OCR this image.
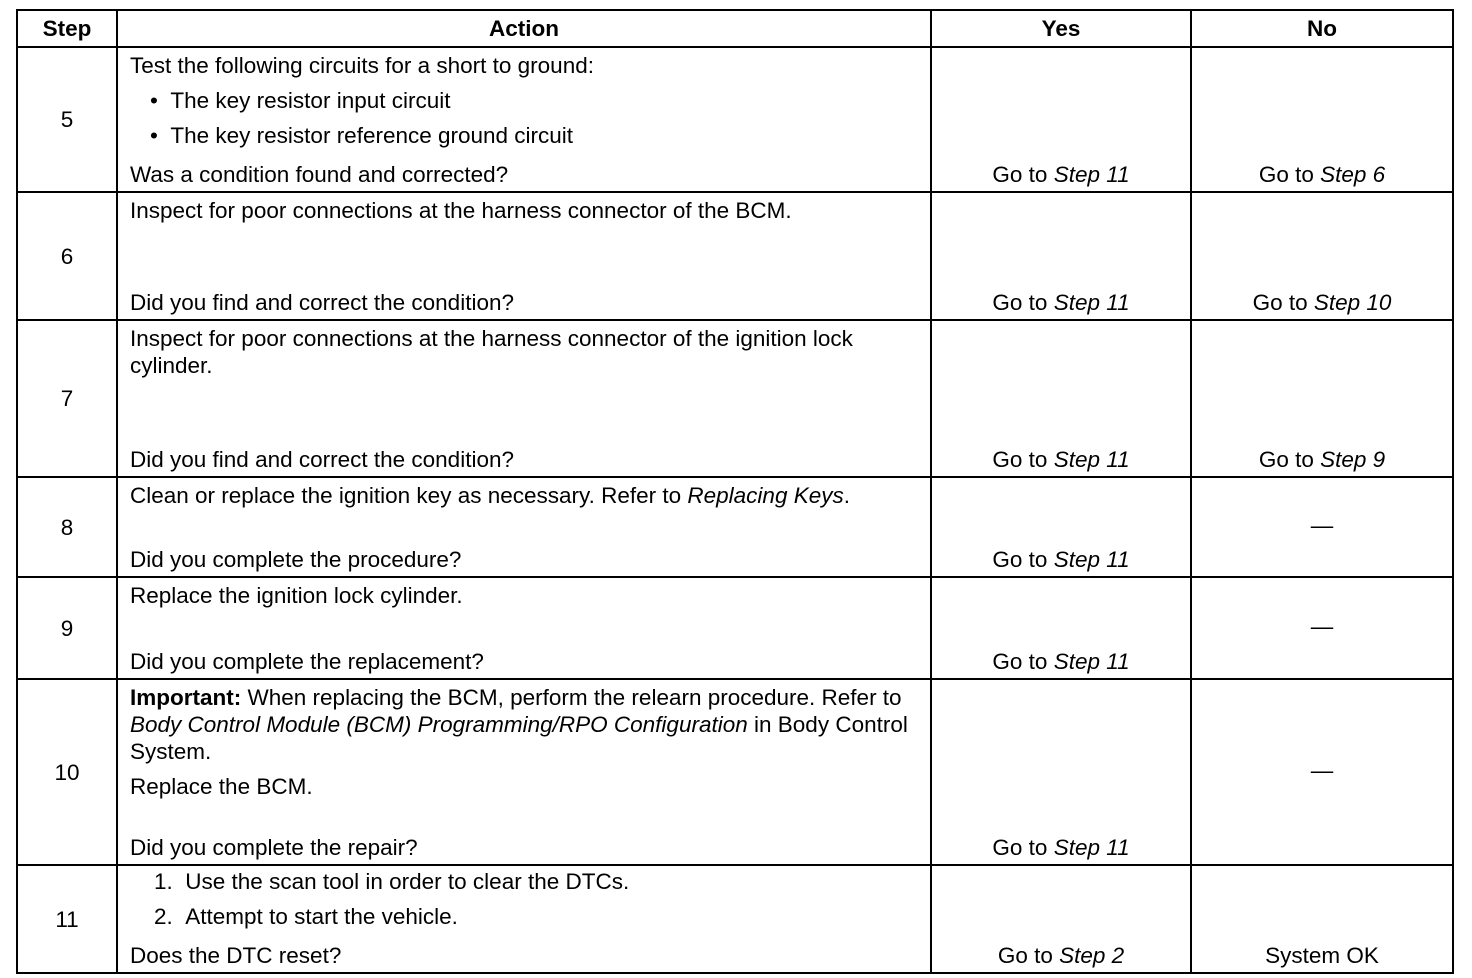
Step	Action	Yes	No
5	Test the following circuits for a short to ground:
•  The key resistor input circuit
•  The key resistor reference ground circuit
Was a condition found and corrected?	Go to Step 11	Go to Step 6

6	Inspect for poor connections at the harness connector of the BCM.
Did you find and correct the condition?	Go to Step 11	Go to Step 10

7	Inspect for poor connections at the harness connector of the ignition lock cylinder.
Did you find and correct the condition?	Go to Step 11	Go to Step 9

8	Clean or replace the ignition key as necessary. Refer to Replacing Keys.
Did you complete the procedure?	Go to Step 11	—

9	Replace the ignition lock cylinder.
Did you complete the replacement?	Go to Step 11	—

10	Important: When replacing the BCM, perform the relearn procedure. Refer to Body Control Module (BCM) Programming/RPO Configuration in Body Control System.
Replace the BCM.
Did you complete the repair?	Go to Step 11	—

11	1. Use the scan tool in order to clear the DTCs.
2. Attempt to start the vehicle.
Does the DTC reset?	Go to Step 2	System OK
